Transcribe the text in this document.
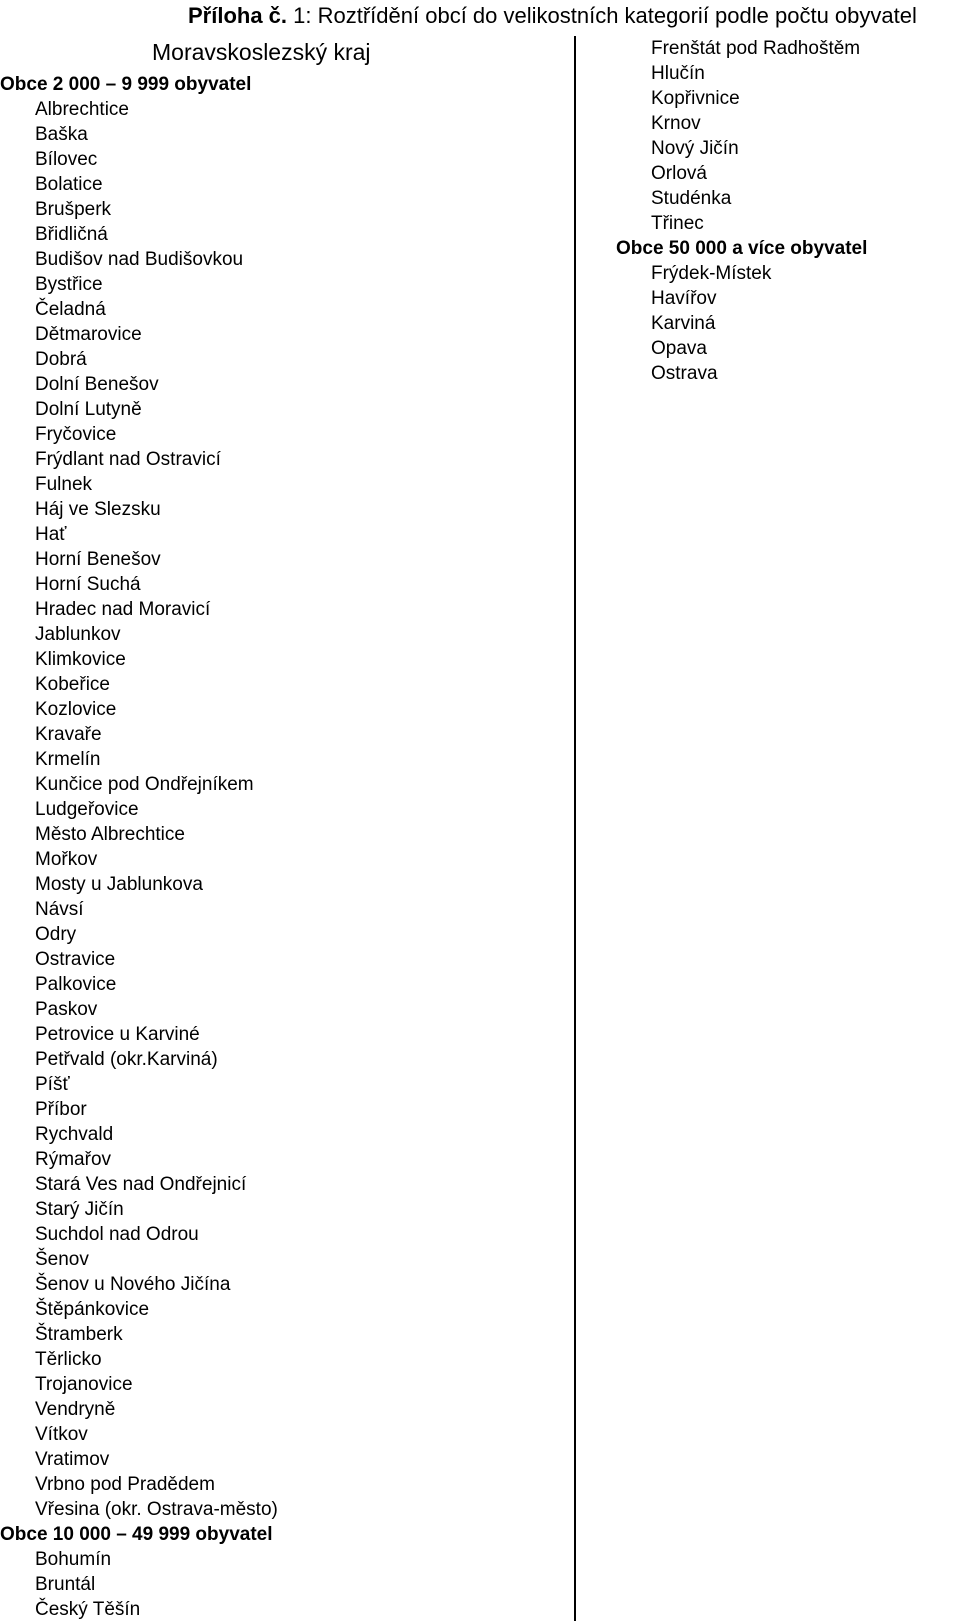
Příloha č. 1: Roztřídění obcí do velikostních kategorií podle počtu obyvatel
Moravskoslezský kraj
Obce 2 000 – 9 999 obyvatel
Albrechtice
Baška
Bílovec
Bolatice
Brušperk
Břidličná
Budišov nad Budišovkou
Bystřice
Čeladná
Dětmarovice
Dobrá
Dolní Benešov
Dolní Lutyně
Fryčovice
Frýdlant nad Ostravicí
Fulnek
Háj ve Slezsku
Hať
Horní Benešov
Horní Suchá
Hradec nad Moravicí
Jablunkov
Klimkovice
Kobeřice
Kozlovice
Kravaře
Krmelín
Kunčice pod Ondřejníkem
Ludgeřovice
Město Albrechtice
Mořkov
Mosty u Jablunkova
Návsí
Odry
Ostravice
Palkovice
Paskov
Petrovice u Karviné
Petřvald (okr.Karviná)
Píšť
Příbor
Rychvald
Rýmařov
Stará Ves nad Ondřejnicí
Starý Jičín
Suchdol nad Odrou
Šenov
Šenov u Nového Jičína
Štěpánkovice
Štramberk
Těrlicko
Trojanovice
Vendryně
Vítkov
Vratimov
Vrbno pod Pradědem
Vřesina (okr. Ostrava-město)
Obce 10 000 – 49 999 obyvatel
Bohumín
Bruntál
Český Těšín
Frenštát pod Radhoštěm
Hlučín
Kopřivnice
Krnov
Nový Jičín
Orlová
Studénka
Třinec
Obce 50 000 a více obyvatel
Frýdek-Místek
Havířov
Karviná
Opava
Ostrava
